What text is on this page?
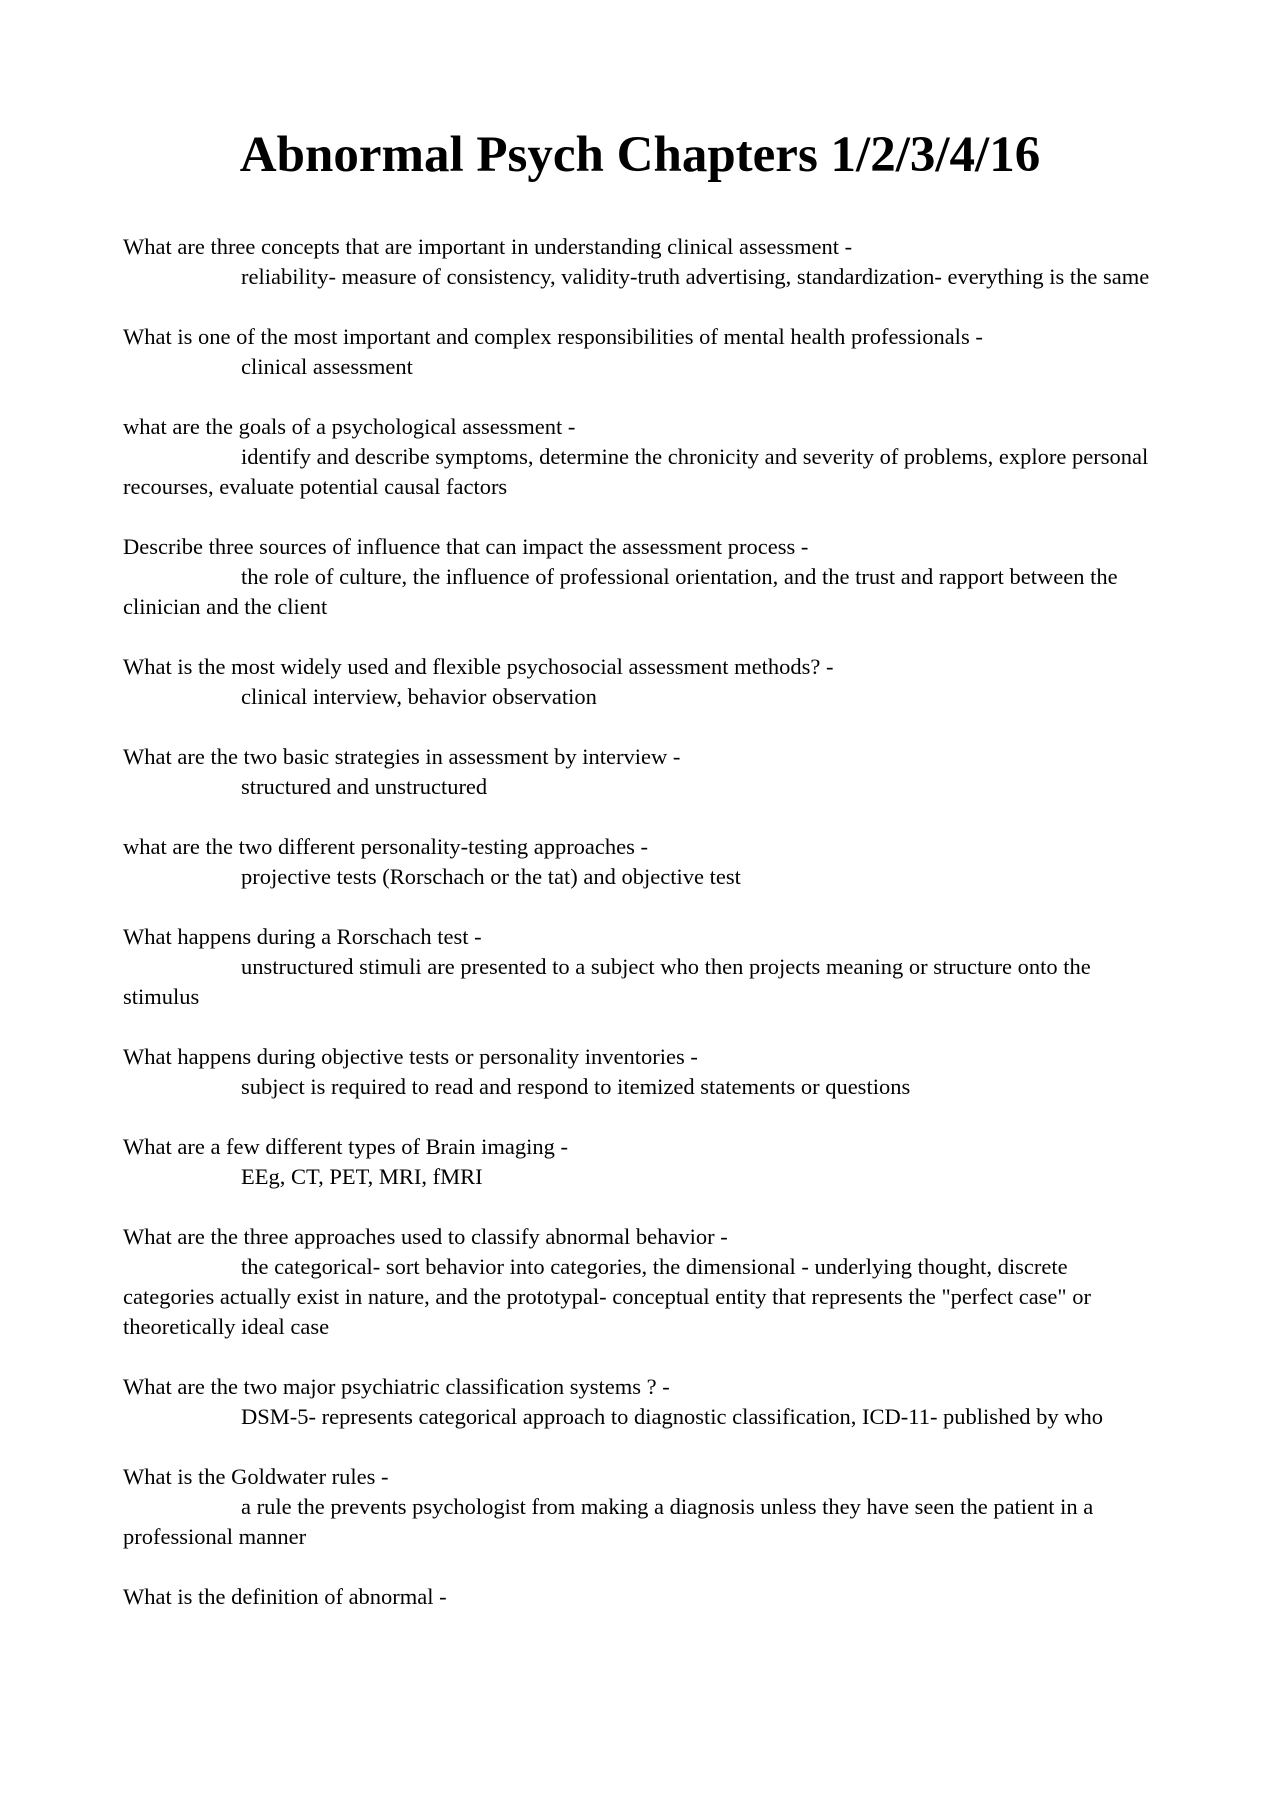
Abnormal Psych Chapters 1/2/3/4/16
What are three concepts that are important in understanding clinical assessment -
reliability- measure of consistency, validity-truth advertising, standardization- everything is the same
What is one of the most important and complex responsibilities of mental health professionals -
clinical assessment
what are the goals of a psychological assessment -
identify and describe symptoms, determine the chronicity and severity of problems, explore personal recourses, evaluate potential causal factors
Describe three sources of influence that can impact the assessment process -
the role of culture, the influence of professional orientation, and the trust and rapport between the clinician and the client
What is the most widely used and flexible psychosocial assessment methods? -
clinical interview, behavior observation
What are the two basic strategies in assessment by interview -
structured and unstructured
what are the two different personality-testing approaches -
projective tests (Rorschach or the tat) and objective test
What happens during a Rorschach test -
unstructured stimuli are presented to a subject who then projects meaning or structure onto the stimulus
What happens during objective tests or personality inventories -
subject is required to read and respond to itemized statements or questions
What are a few different types of Brain imaging -
EEg, CT, PET, MRI, fMRI
What are the three approaches used to classify abnormal behavior -
the categorical- sort behavior into categories, the dimensional - underlying thought, discrete categories actually exist in nature, and the prototypal- conceptual entity that represents the "perfect case" or theoretically ideal case
What are the two major psychiatric classification systems ? -
DSM-5- represents categorical approach to diagnostic classification, ICD-11- published by who
What is the Goldwater rules -
a rule the prevents psychologist from making a diagnosis unless they have seen the patient in a professional manner
What is the definition of abnormal -
